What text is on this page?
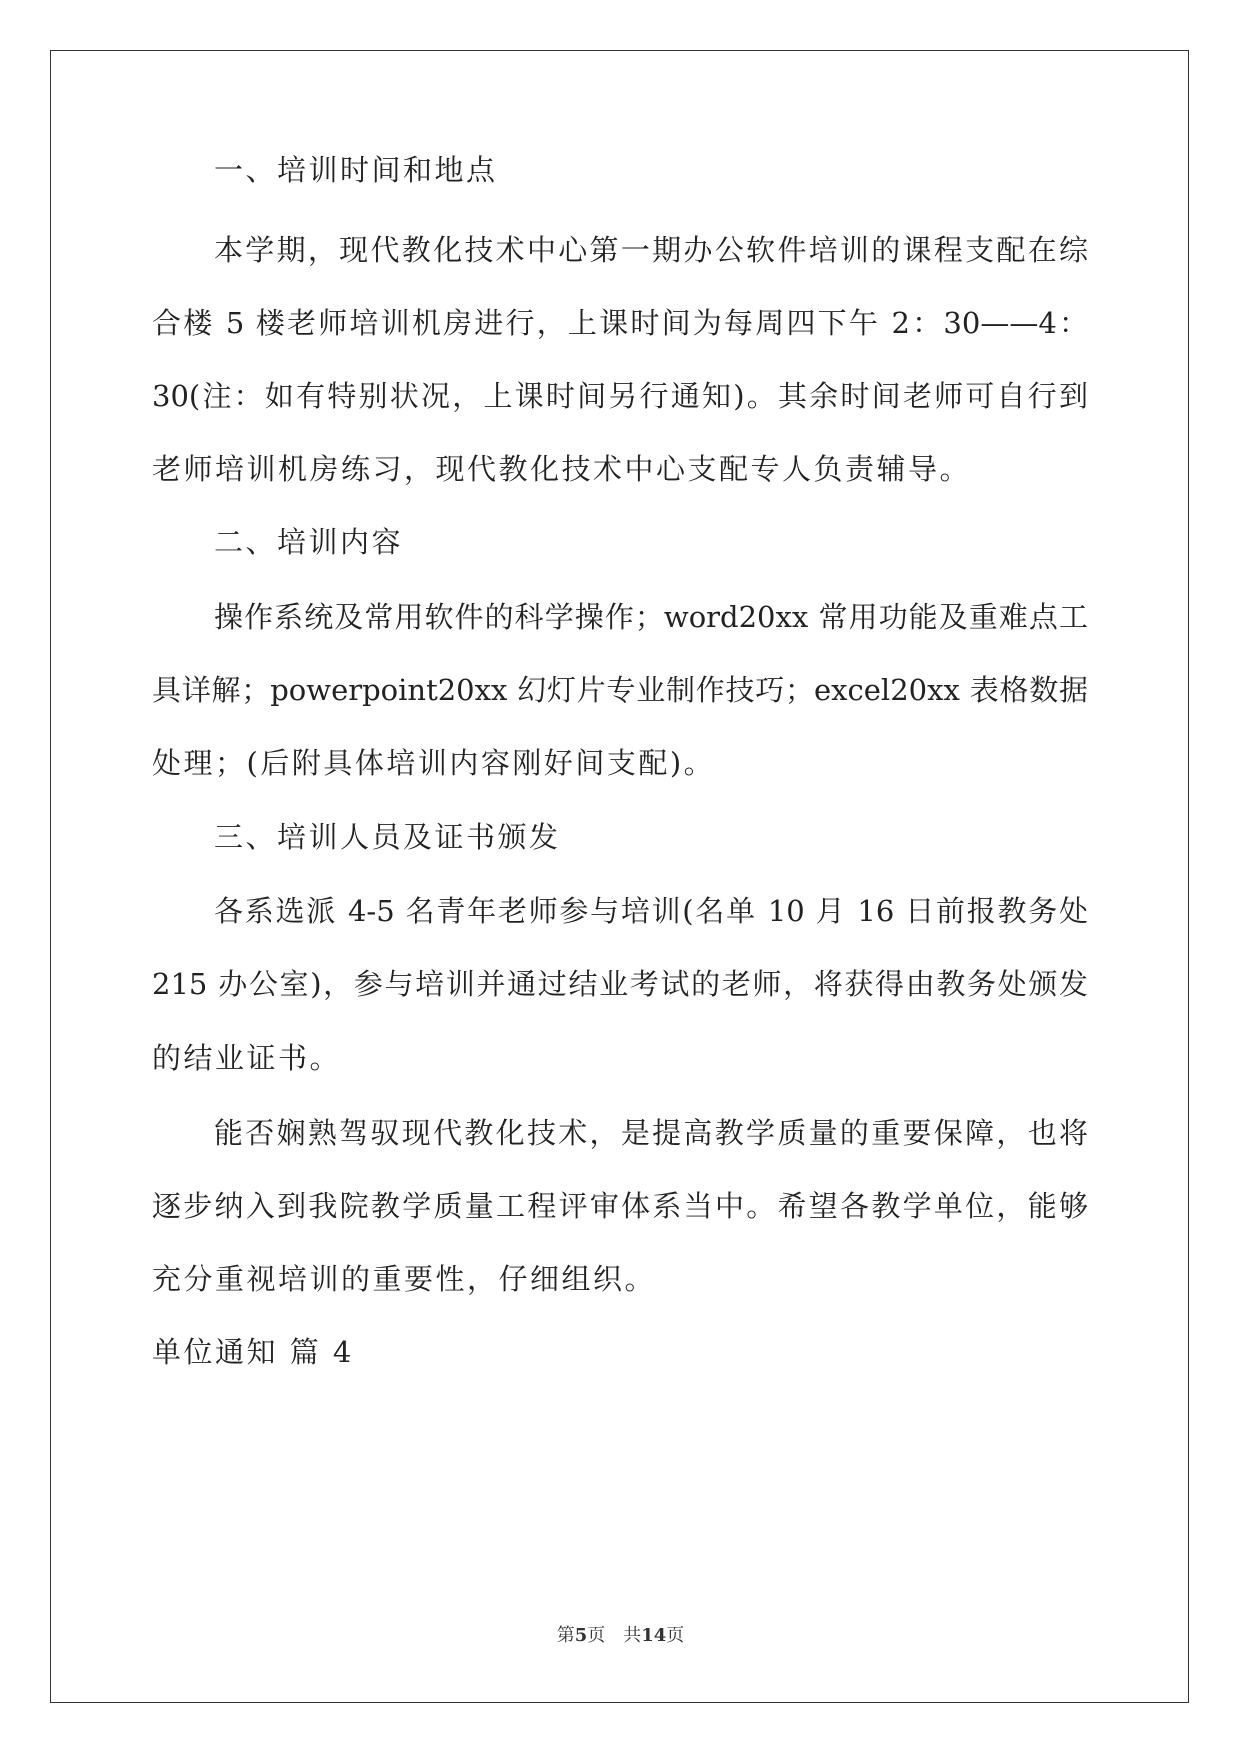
一、培训时间和地点
本学期，现代教化技术中心第一期办公软件培训的课程支配在综
合楼 5 楼老师培训机房进行，上课时间为每周四下午 2：30——4：
30(注：如有特别状况，上课时间另行通知)。其余时间老师可自行到
老师培训机房练习，现代教化技术中心支配专人负责辅导。
二、培训内容
操作系统及常用软件的科学操作；word20xx 常用功能及重难点工
具详解；powerpoint20xx 幻灯片专业制作技巧；excel20xx 表格数据
处理；(后附具体培训内容刚好间支配)。
三、培训人员及证书颁发
各系选派 4-5 名青年老师参与培训(名单 10 月 16 日前报教务处
215 办公室)，参与培训并通过结业考试的老师，将获得由教务处颁发
的结业证书。
能否娴熟驾驭现代教化技术，是提高教学质量的重要保障，也将
逐步纳入到我院教学质量工程评审体系当中。希望各教学单位，能够
充分重视培训的重要性，仔细组织。
单位通知 篇 4
第5页　共14页
